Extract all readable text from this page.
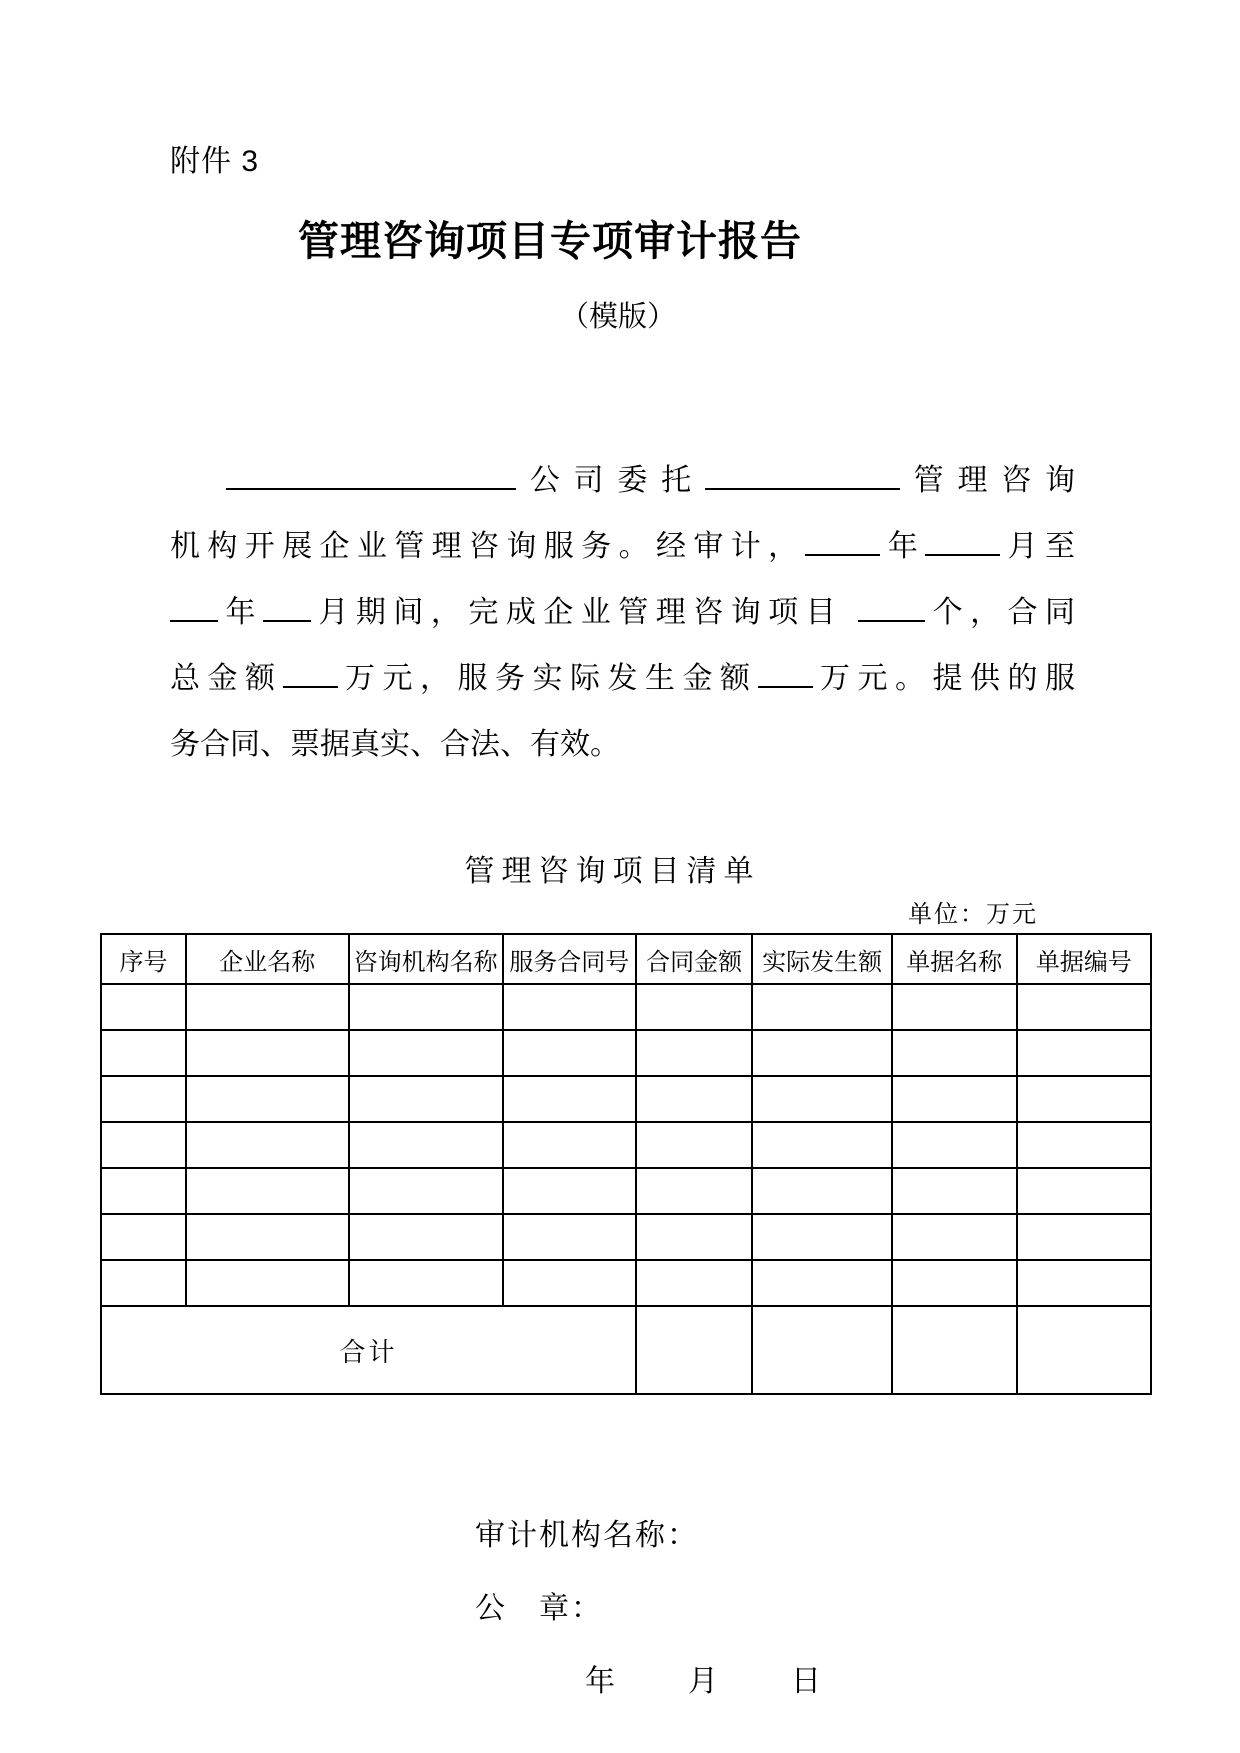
附件 3
管理咨询项目专项审计报告
（模版）
公司委托	管理咨询
机构开展企业管理咨询服务。经审计，	年	月至
年 月期间，完成企业管理咨询项目 个，合同
总金额 万元，服务实际发生金额 万元。提供的服
务合同、票据真实、合法、有效。
管理咨询项目清单
单位：万元
序号	企业名称	咨询机构名称	服务合同号	合同金额	实际发生额	单据名称	单据编号

合计							
审计机构名称：
公　章：
年 月 日
